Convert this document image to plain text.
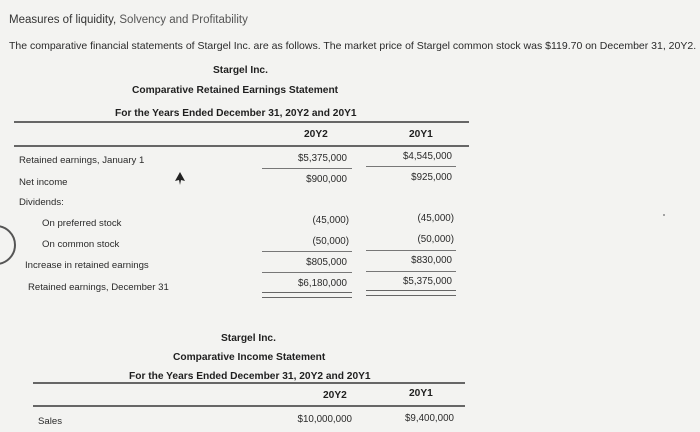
Measures of liquidity, Solvency and Profitability
The comparative financial statements of Stargel Inc. are as follows. The market price of Stargel common stock was $119.70 on December 31, 20Y2.
Stargel Inc.
Comparative Retained Earnings Statement
For the Years Ended December 31, 20Y2 and 20Y1
20Y2	20Y1
Retained earnings, January 1	$5,375,000	$4,545,000
Net income	$900,000	$925,000
Dividends:
On preferred stock	(45,000)	(45,000)
On common stock	(50,000)	(50,000)
Increase in retained earnings	$805,000	$830,000
Retained earnings, December 31	$6,180,000	$5,375,000
Stargel Inc.
Comparative Income Statement
For the Years Ended December 31, 20Y2 and 20Y1
20Y2	20Y1
Sales	$10,000,000	$9,400,000
